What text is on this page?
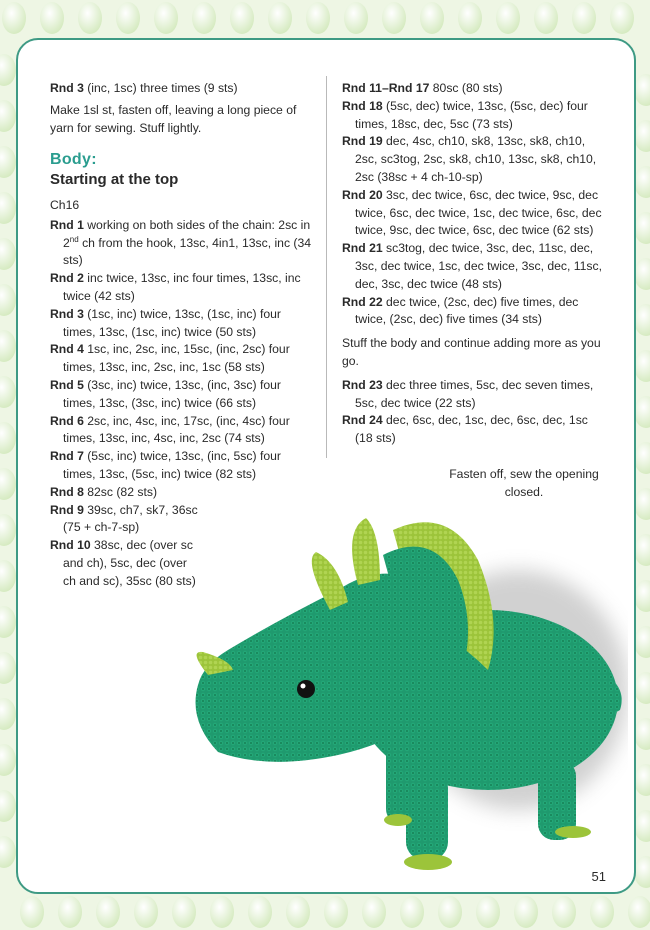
Rnd 3 (inc, 1sc) three times (9 sts)

Make 1sl st, fasten off, leaving a long piece of yarn for sewing. Stuff lightly.

Body:
Starting at the top

Ch16

Rnd 1 working on both sides of the chain: 2sc in 2nd ch from the hook, 13sc, 4in1, 13sc, inc (34 sts)

Rnd 2 inc twice, 13sc, inc four times, 13sc, inc twice (42 sts)

Rnd 3 (1sc, inc) twice, 13sc, (1sc, inc) four times, 13sc, (1sc, inc) twice (50 sts)

Rnd 4 1sc, inc, 2sc, inc, 15sc, (inc, 2sc) four times, 13sc, inc, 2sc, inc, 1sc (58 sts)

Rnd 5 (3sc, inc) twice, 13sc, (inc, 3sc) four times, 13sc, (3sc, inc) twice (66 sts)

Rnd 6 2sc, inc, 4sc, inc, 17sc, (inc, 4sc) four times, 13sc, inc, 4sc, inc, 2sc (74 sts)

Rnd 7 (5sc, inc) twice, 13sc, (inc, 5sc) four times, 13sc, (5sc, inc) twice (82 sts)

Rnd 8 82sc (82 sts)

Rnd 9 39sc, ch7, sk7, 36sc (75 + ch-7-sp)

Rnd 10 38sc, dec (over sc and ch), 5sc, dec (over ch and sc), 35sc (80 sts)

Rnd 11–Rnd 17 80sc (80 sts)

Rnd 18 (5sc, dec) twice, 13sc, (5sc, dec) four times, 18sc, dec, 5sc (73 sts)

Rnd 19 dec, 4sc, ch10, sk8, 13sc, sk8, ch10, 2sc, sc3tog, 2sc, sk8, ch10, 13sc, sk8, ch10, 2sc (38sc + 4 ch-10-sp)

Rnd 20 3sc, dec twice, 6sc, dec twice, 9sc, dec twice, 6sc, dec twice, 1sc, dec twice, 6sc, dec twice, 9sc, dec twice, 6sc, dec twice (62 sts)

Rnd 21 sc3tog, dec twice, 3sc, dec, 11sc, dec, 3sc, dec twice, 1sc, dec twice, 3sc, dec, 11sc, dec, 3sc, dec twice (48 sts)

Rnd 22 dec twice, (2sc, dec) five times, dec twice, (2sc, dec) five times (34 sts)

Stuff the body and continue adding more as you go.

Rnd 23 dec three times, 5sc, dec seven times, 5sc, dec twice (22 sts)

Rnd 24 dec, 6sc, dec, 1sc, dec, 6sc, dec, 1sc (18 sts)

Fasten off, sew the opening closed.
51
